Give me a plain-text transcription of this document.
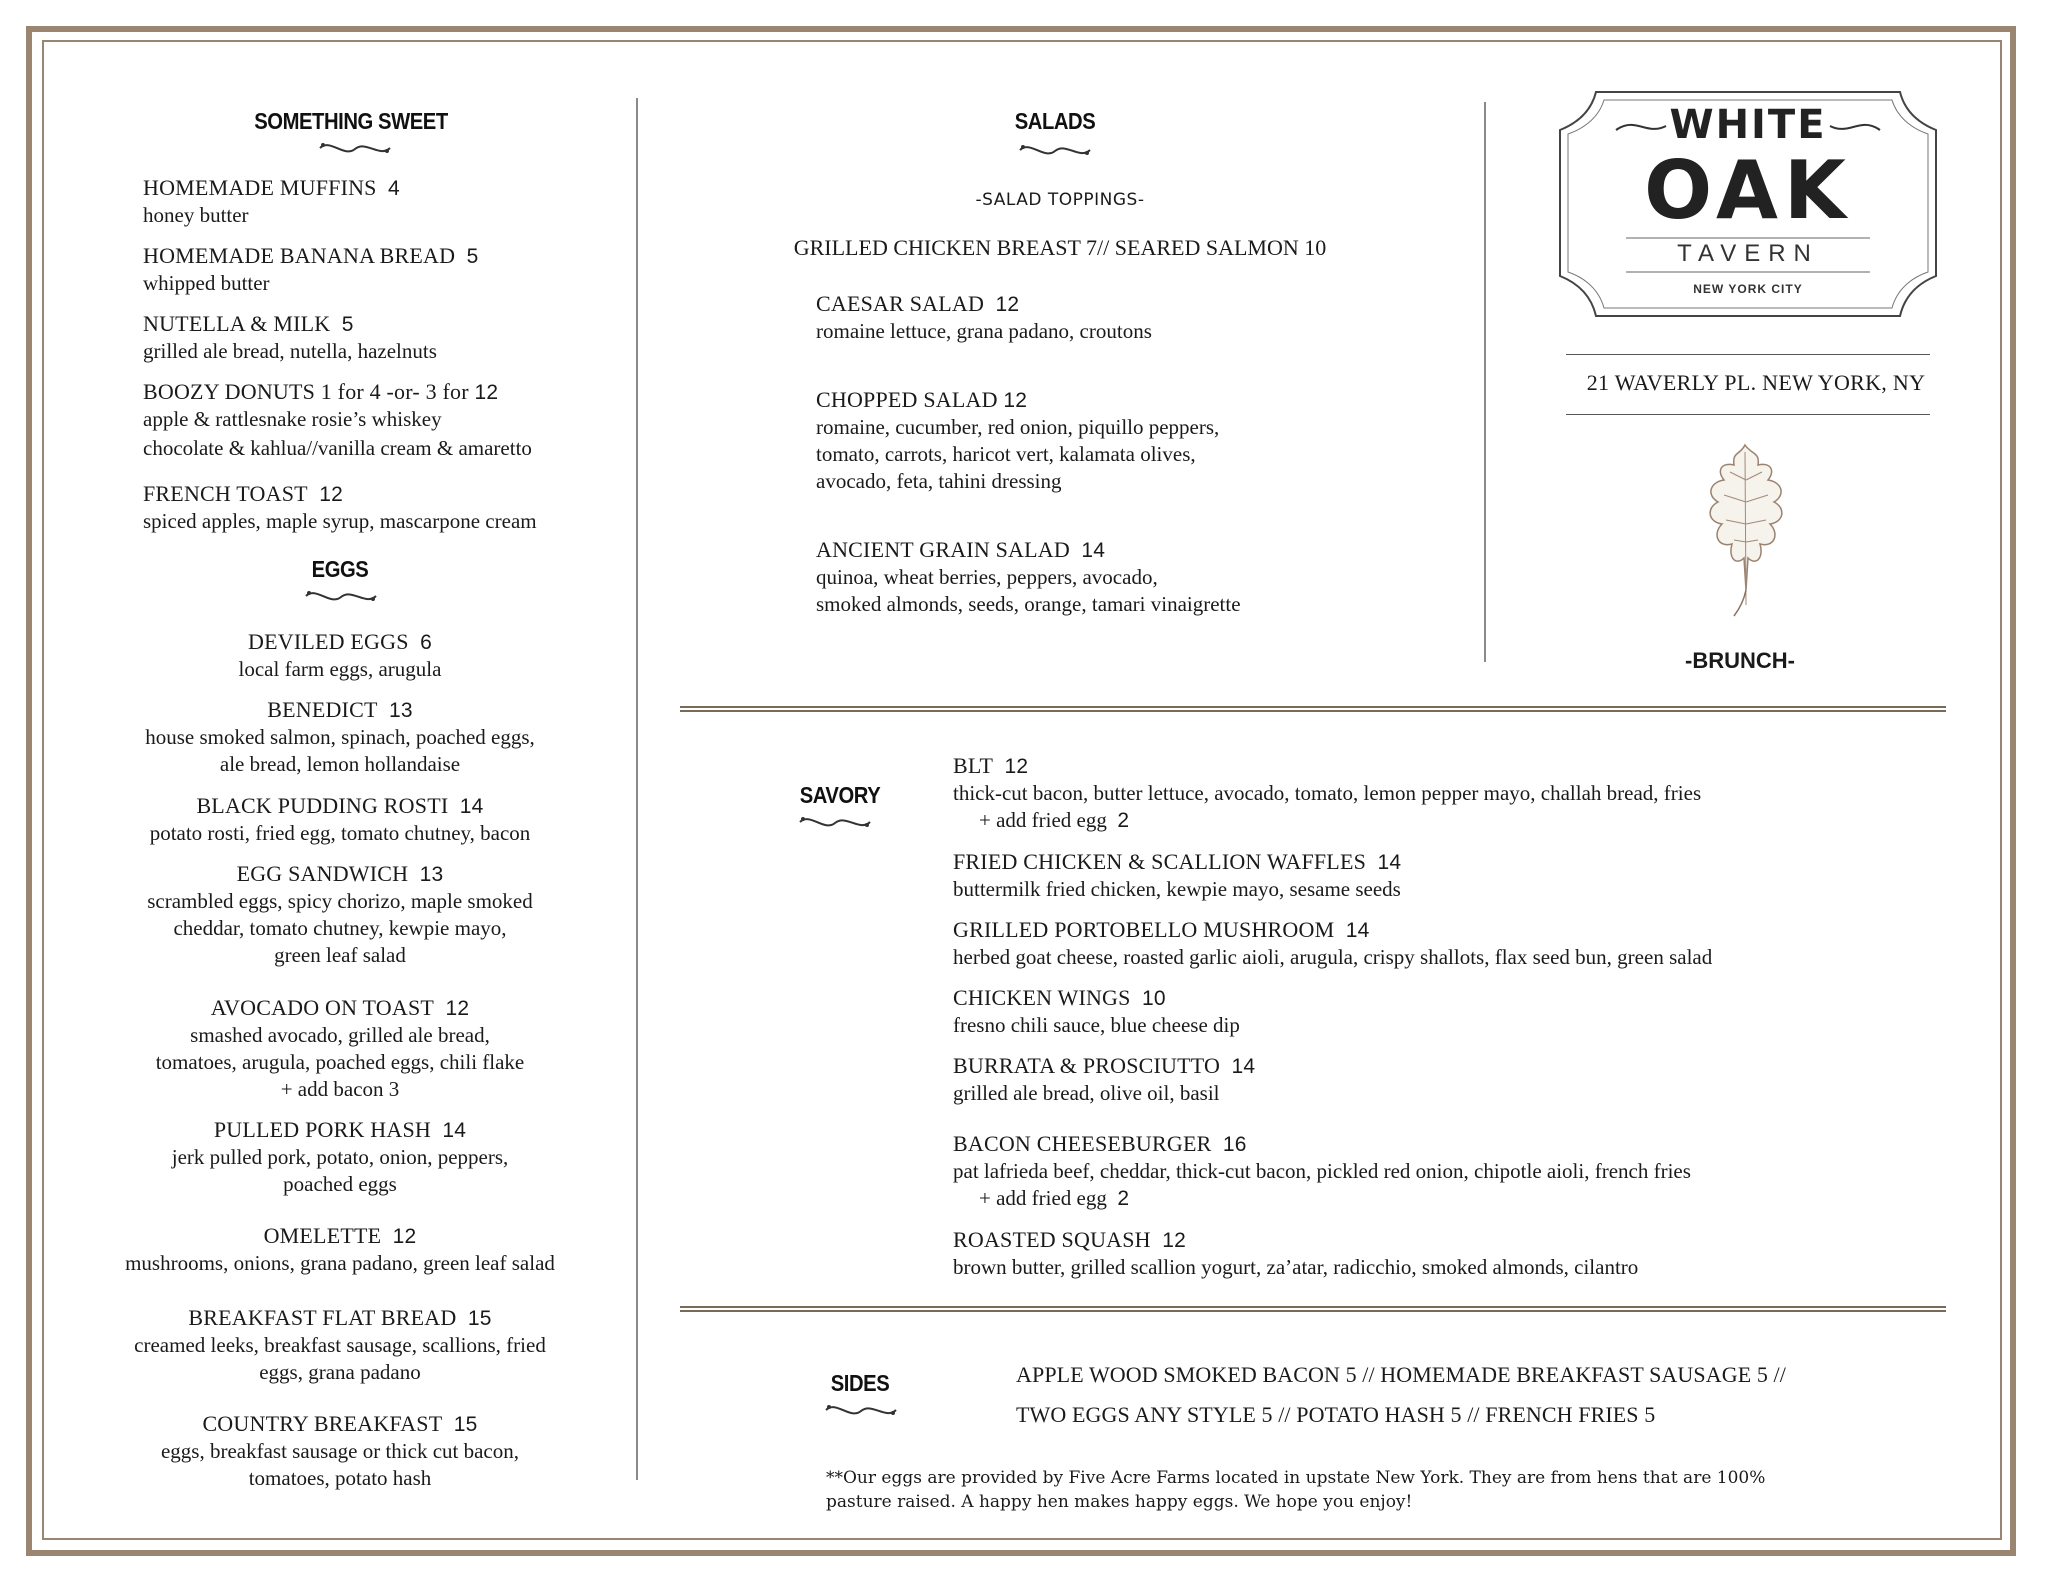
SOMETHING SWEET
HOMEMADE MUFFINS 4
honey butter
HOMEMADE BANANA BREAD 5
whipped butter
NUTELLA & MILK 5
grilled ale bread, nutella, hazelnuts
BOOZY DONUTS 1 for 4 -or- 3 for 12
apple & rattlesnake rosie’s whiskey
chocolate & kahlua//vanilla cream & amaretto
FRENCH TOAST 12
spiced apples, maple syrup, mascarpone cream
EGGS
DEVILED EGGS 6
local farm eggs, arugula
BENEDICT 13
house smoked salmon, spinach, poached eggs,
ale bread, lemon hollandaise
BLACK PUDDING ROSTI 14
potato rosti, fried egg, tomato chutney, bacon
EGG SANDWICH 13
scrambled eggs, spicy chorizo, maple smoked
cheddar, tomato chutney, kewpie mayo,
green leaf salad
AVOCADO ON TOAST 12
smashed avocado, grilled ale bread,
tomatoes, arugula, poached eggs, chili flake
+ add bacon 3
PULLED PORK HASH 14
jerk pulled pork, potato, onion, peppers,
poached eggs
OMELETTE 12
mushrooms, onions, grana padano, green leaf salad
BREAKFAST FLAT BREAD 15
creamed leeks, breakfast sausage, scallions, fried
eggs, grana padano
COUNTRY BREAKFAST 15
eggs, breakfast sausage or thick cut bacon,
tomatoes, potato hash
SALADS
-SALAD TOPPINGS-
GRILLED CHICKEN BREAST 7// SEARED SALMON 10
CAESAR SALAD 12
romaine lettuce, grana padano, croutons
CHOPPED SALAD 12
romaine, cucumber, red onion, piquillo peppers,
tomato, carrots, haricot vert, kalamata olives,
avocado, feta, tahini dressing
ANCIENT GRAIN SALAD 14
quinoa, wheat berries, peppers, avocado,
smoked almonds, seeds, orange, tamari vinaigrette
WHITE
OAK
TAVERN
NEW YORK CITY
21 WAVERLY PL. NEW YORK, NY
-BRUNCH-
SAVORY
BLT 12
thick-cut bacon, butter lettuce, avocado, tomato, lemon pepper mayo, challah bread, fries
+ add fried egg 2
FRIED CHICKEN & SCALLION WAFFLES 14
buttermilk fried chicken, kewpie mayo, sesame seeds
GRILLED PORTOBELLO MUSHROOM 14
herbed goat cheese, roasted garlic aioli, arugula, crispy shallots, flax seed bun, green salad
CHICKEN WINGS 10
fresno chili sauce, blue cheese dip
BURRATA & PROSCIUTTO 14
grilled ale bread, olive oil, basil
BACON CHEESEBURGER 16
pat lafrieda beef, cheddar, thick-cut bacon, pickled red onion, chipotle aioli, french fries
+ add fried egg 2
ROASTED SQUASH 12
brown butter, grilled scallion yogurt, za’atar, radicchio, smoked almonds, cilantro
SIDES	APPLE WOOD SMOKED BACON 5 // HOMEMADE BREAKFAST SAUSAGE 5 //
TWO EGGS ANY STYLE 5 // POTATO HASH 5 // FRENCH FRIES 5
**Our eggs are provided by Five Acre Farms located in upstate New York. They are from hens that are 100%
pasture raised. A happy hen makes happy eggs. We hope you enjoy!
